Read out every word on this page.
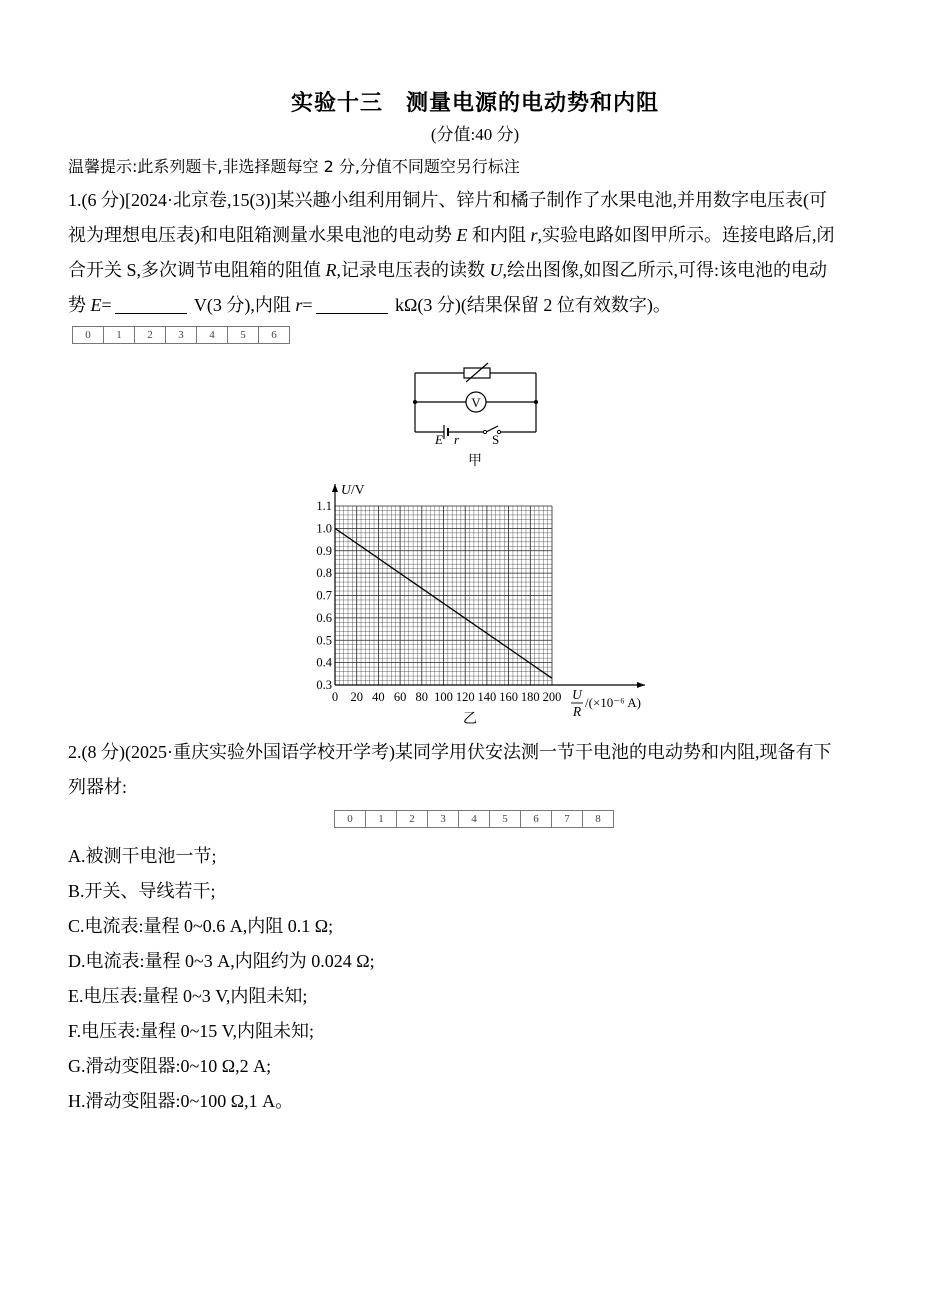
实验十三　测量电源的电动势和内阻
(分值:40 分)
温馨提示:此系列题卡,非选择题每空 2 分,分值不同题空另行标注
1.(6 分)[2024·北京卷,15(3)]某兴趣小组利用铜片、锌片和橘子制作了水果电池,并用数字电压表(可
视为理想电压表)和电阻箱测量水果电池的电动势 E 和内阻 r,实验电路如图甲所示。连接电路后,闭
合开关 S,多次调节电阻箱的阻值 R,记录电压表的读数 U,绘出图像,如图乙所示,可得:该电池的电动
势 E=	V(3 分),内阻 r=	kΩ(3 分)(结果保留 2 位有效数字)。
0	1	2	3	4	5	6
V
E r	S
甲
0 20 40 60 80 100 120 140 160 180 200
0.3
0.4
0.5
0.6
0.7
0.8
0.9
1.0
1.1
U /V
U
R
/(×10⁻⁶ A)
乙
2.(8 分)(2025·重庆实验外国语学校开学考)某同学用伏安法测一节干电池的电动势和内阻,现备有下
列器材:
0	1	2	3	4	5	6	7	8
A.被测干电池一节;
B.开关、导线若干;
C.电流表:量程 0~0.6 A,内阻 0.1 Ω;
D.电流表:量程 0~3 A,内阻约为 0.024 Ω;
E.电压表:量程 0~3 V,内阻未知;
F.电压表:量程 0~15 V,内阻未知;
G.滑动变阻器:0~10 Ω,2 A;
H.滑动变阻器:0~100 Ω,1 A。
